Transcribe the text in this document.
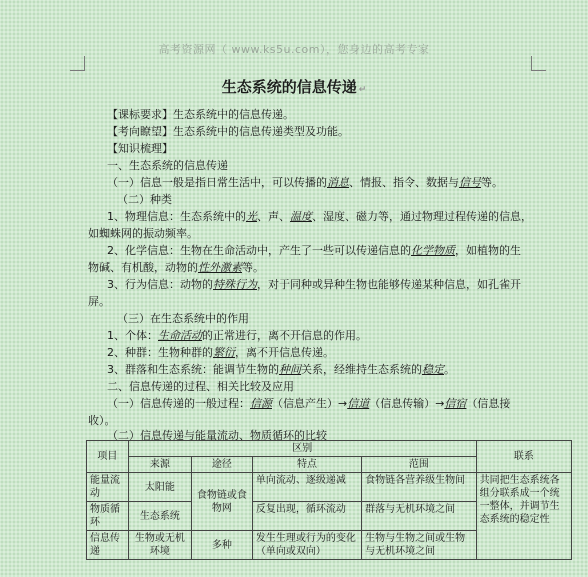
高考资源网（ www.ks5u.com），您身边的高考专家
生态系统的信息传递 ↵
【课标要求】生态系统中的信息传递。
【考向瞭望】生态系统中的信息传递类型及功能。
【知识梳理】
一、生态系统的信息传递
（一）信息一般是指日常生活中，可以传播的消息、情报、指令、数据与信号等。
（二）种类
1、物理信息：生态系统中的光、声、温度、湿度、磁力等，通过物理过程传递的信息，
如蜘蛛网的振动频率。
2、化学信息：生物在生命活动中，产生了一些可以传递信息的化学物质，如植物的生
物碱、有机酸，动物的性外激素等。
3、行为信息：动物的特殊行为，对于同种或异种生物也能够传递某种信息，如孔雀开
屏。
（三）在生态系统中的作用
1、个体：生命活动的正常进行，离不开信息的作用。
2、种群：生物种群的繁衍，离不开信息传递。
3、群落和生态系统：能调节生物的种间关系，经维持生态系统的稳定。
二、信息传递的过程、相关比较及应用
（一）信息传递的一般过程：信源（信息产生）→信道（信息传输）→信宿（信息接
收）。
（二）信息传递与能量流动、物质循环的比较
项目	区别				联系
	来源	途径	特点	范围	
能量流动	太阳能	食物链或食物网	单向流动、逐级递减	食物链各营养级生物间	共同把生态系统各组分联系成一个统一整体，并调节生态系统的稳定性
物质循环	生态系统		反复出现，循环流动	群落与无机环境之间	
信息传递	生物或无机环境	多种	发生生理或行为的变化（单向或双向）	生物与生物之间或生物与无机环境之间	
